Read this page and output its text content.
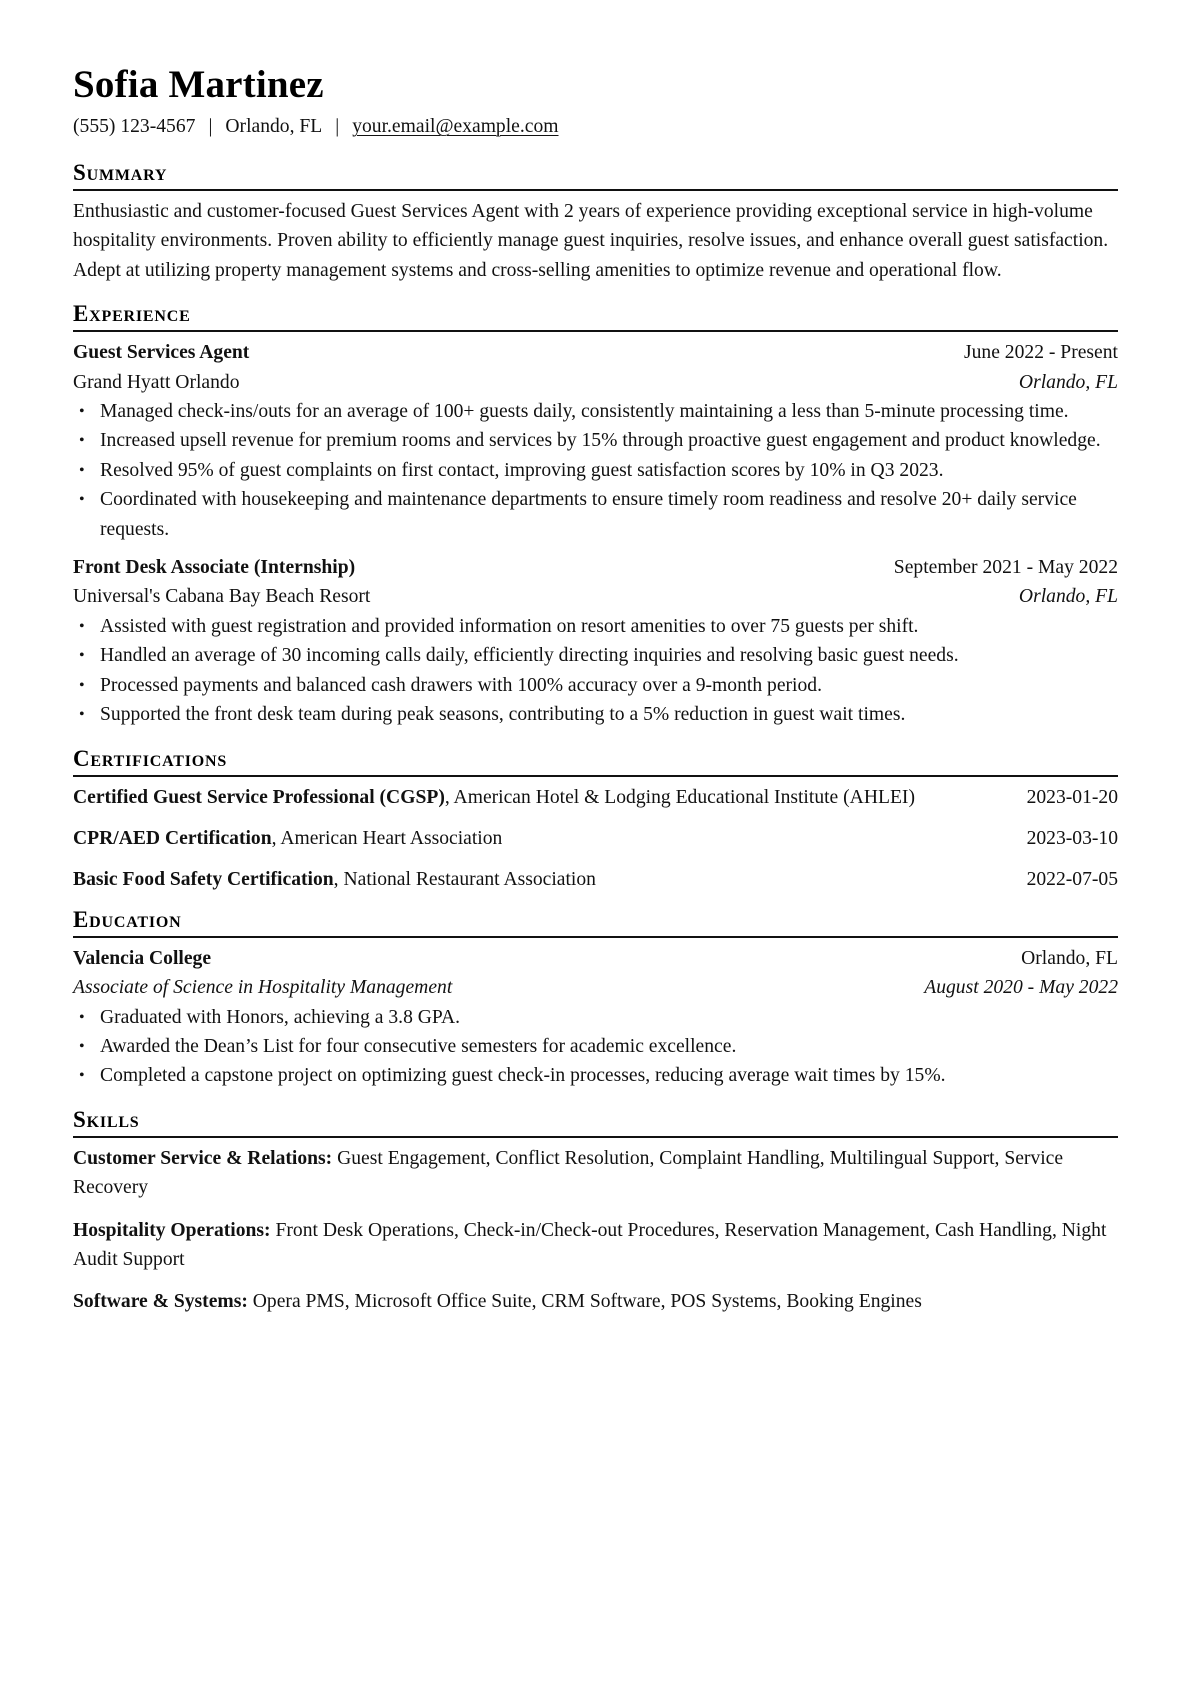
Sofia Martinez
(555) 123-4567 | Orlando, FL | your.email@example.com
Summary

Enthusiastic and customer-focused Guest Services Agent with 2 years of experience providing exceptional service in high-volume hospitality environments. Proven ability to efficiently manage guest inquiries, resolve issues, and enhance overall guest satisfaction. Adept at utilizing property management systems and cross-selling amenities to optimize revenue and operational flow.

Experience
Guest Services Agent	June 2022 - Present
Grand Hyatt Orlando	Orlando, FL
• Managed check-ins/outs for an average of 100+ guests daily, consistently maintaining a less than 5-minute processing time.
• Increased upsell revenue for premium rooms and services by 15% through proactive guest engagement and product knowledge.
• Resolved 95% of guest complaints on first contact, improving guest satisfaction scores by 10% in Q3 2023.
• Coordinated with housekeeping and maintenance departments to ensure timely room readiness and resolve 20+ daily service requests.
Front Desk Associate (Internship)	September 2021 - May 2022
Universal's Cabana Bay Beach Resort	Orlando, FL
• Assisted with guest registration and provided information on resort amenities to over 75 guests per shift.
• Handled an average of 30 incoming calls daily, efficiently directing inquiries and resolving basic guest needs.
• Processed payments and balanced cash drawers with 100% accuracy over a 9-month period.
• Supported the front desk team during peak seasons, contributing to a 5% reduction in guest wait times.
Certifications
Certified Guest Service Professional (CGSP), American Hotel & Lodging Educational Institute (AHLEI)	2023-01-20
CPR/AED Certification, American Heart Association	2023-03-10
Basic Food Safety Certification, National Restaurant Association	2022-07-05
Education
Valencia College	Orlando, FL
Associate of Science in Hospitality Management	August 2020 - May 2022
• Graduated with Honors, achieving a 3.8 GPA.
• Awarded the Dean’s List for four consecutive semesters for academic excellence.
• Completed a capstone project on optimizing guest check-in processes, reducing average wait times by 15%.
Skills

Customer Service & Relations: Guest Engagement, Conflict Resolution, Complaint Handling, Multilingual Support, Service Recovery

Hospitality Operations: Front Desk Operations, Check-in/Check-out Procedures, Reservation Management, Cash Handling, Night Audit Support

Software & Systems: Opera PMS, Microsoft Office Suite, CRM Software, POS Systems, Booking Engines
